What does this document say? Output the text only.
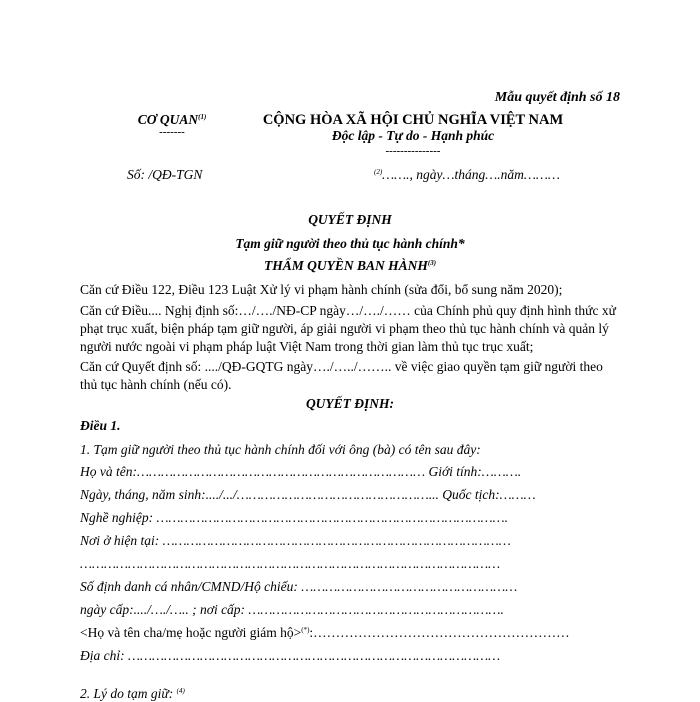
Mẫu quyết định số 18
CƠ QUAN$^{(1)}$
-------
CỘNG HÒA XÃ HỘI CHỦ NGHĨA VIỆT NAM
Độc lập - Tự do - Hạnh phúc
---------------
Số: /QĐ-TGN	$^{(2)}$……., ngày…tháng….năm………
QUYẾT ĐỊNH
Tạm giữ người theo thủ tục hành chính*
THẨM QUYỀN BAN HÀNH$^{(3)}$
Căn cứ Điều 122, Điều 123 Luật Xử lý vi phạm hành chính (sửa đổi, bổ sung năm 2020);
Căn cứ Điều.... Nghị định số:…/…./NĐ-CP ngày…/…./…… của Chính phủ quy định hình thức xử phạt trục xuất, biện pháp tạm giữ người, áp giải người vi phạm theo thủ tục hành chính và quản lý người nước ngoài vi phạm pháp luật Việt Nam trong thời gian làm thủ tục trục xuất;
Căn cứ Quyết định số: ..../QĐ-GQTG ngày…./…../…….. về việc giao quyền tạm giữ người theo thủ tục hành chính (nếu có).
QUYẾT ĐỊNH:
Điều 1.
1. Tạm giữ người theo thủ tục hành chính đối với ông (bà) có tên sau đây:
Họ và tên:……………………………………………………………… Giới tính:……….
Ngày, tháng, năm sinh:..../.../…………………………………………... Quốc tịch:………
Nghề nghiệp: …………………………………………………………………………….
Nơi ở hiện tại: ……………………………………………………………………………
……………………………………………………………………………………………
Số định danh cá nhân/CMND/Hộ chiếu: ………………………………………………
ngày cấp:..../…./….. ; nơi cấp: ……………………………………………………….
<Họ và tên cha/mẹ hoặc người giám hộ>(*):…………………………………………………
Địa chỉ: …………………………………………………………………………………
2. Lý do tạm giữ: $^{(4)}$
